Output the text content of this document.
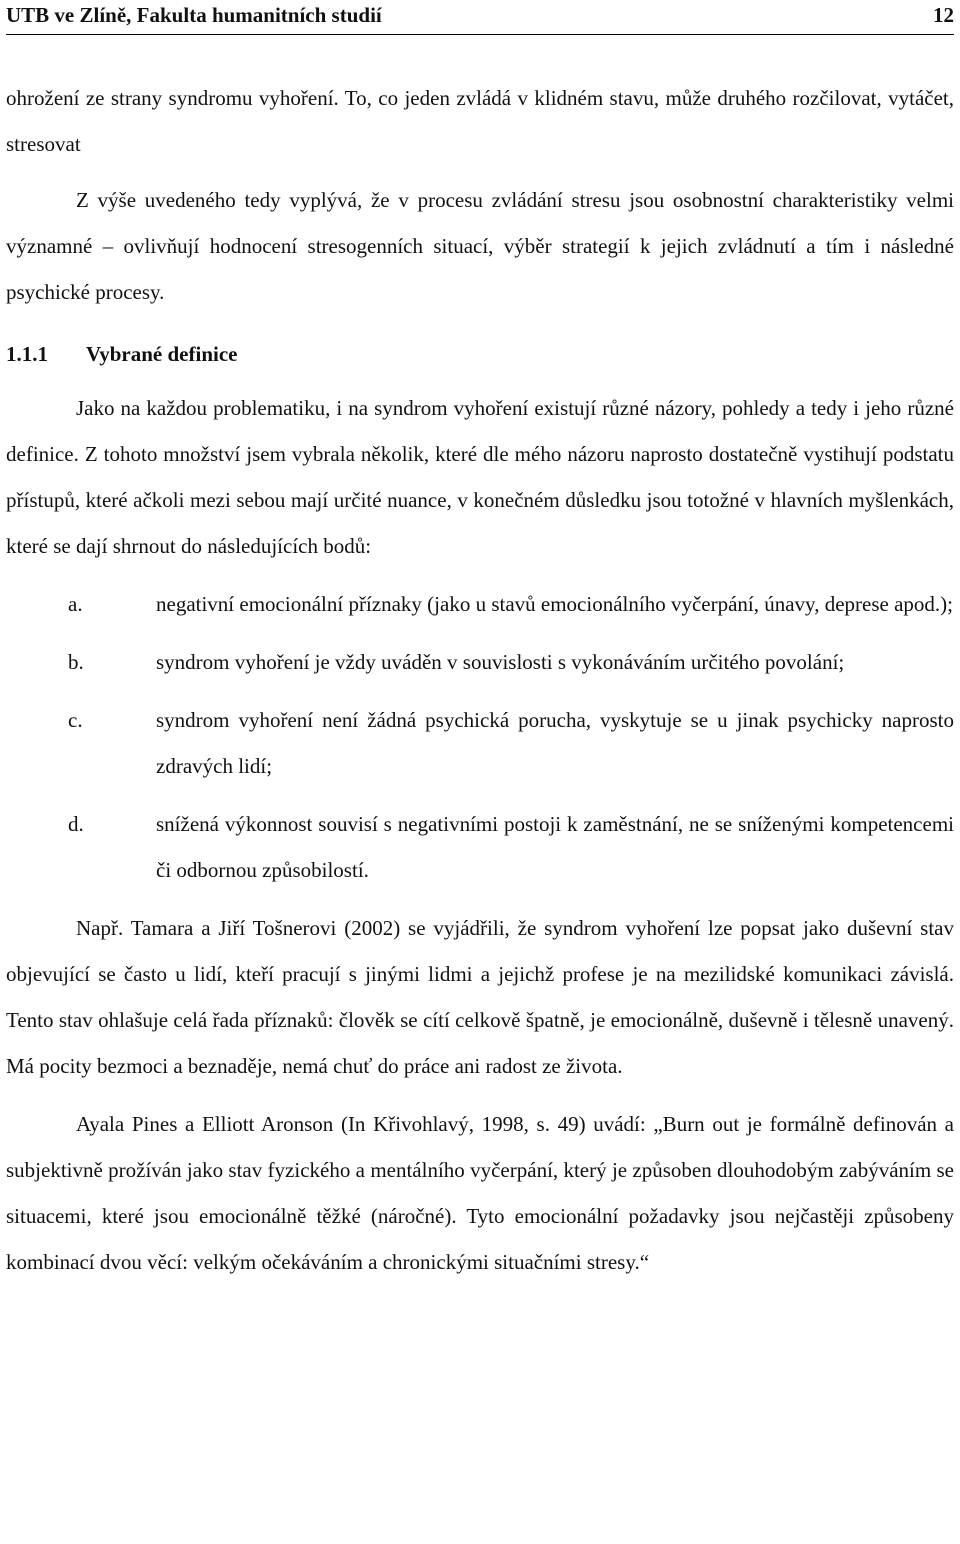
UTB ve Zlíně, Fakulta humanitních studií	12

ohrožení ze strany syndromu vyhoření. To, co jeden zvládá v klidném stavu, může druhého rozčilovat, vytáčet, stresovat

Z výše uvedeného tedy vyplývá, že v procesu zvládání stresu jsou osobnostní charakteristiky velmi významné – ovlivňují hodnocení stresogenních situací, výběr strategií k jejich zvládnutí a tím i následné psychické procesy.

1.1.1 Vybrané definice

Jako na každou problematiku, i na syndrom vyhoření existují různé názory, pohledy a tedy i jeho různé definice. Z tohoto množství jsem vybrala několik, které dle mého názoru naprosto dostatečně vystihují podstatu přístupů, které ačkoli mezi sebou mají určité nuance, v konečném důsledku jsou totožné v hlavních myšlenkách, které se dají shrnout do následujících bodů:

a.	negativní emocionální příznaky (jako u stavů emocionálního vyčerpání, únavy, deprese apod.);
b.	syndrom vyhoření je vždy uváděn v souvislosti s vykonáváním určitého povolání;
c.	syndrom vyhoření není žádná psychická porucha, vyskytuje se u jinak psychicky naprosto zdravých lidí;
d.	snížená výkonnost souvisí s negativními postoji k zaměstnání, ne se sníženými kompetencemi či odbornou způsobilostí.

Např. Tamara a Jiří Tošnerovi (2002) se vyjádřili, že syndrom vyhoření lze popsat jako duševní stav objevující se často u lidí, kteří pracují s jinými lidmi a jejichž profese je na mezilidské komunikaci závislá. Tento stav ohlašuje celá řada příznaků: člověk se cítí celkově špatně, je emocionálně, duševně i tělesně unavený. Má pocity bezmoci a beznaděje, nemá chuť do práce ani radost ze života.

Ayala Pines a Elliott Aronson (In Křivohlavý, 1998, s. 49) uvádí: „Burn out je formálně definován a subjektivně prožíván jako stav fyzického a mentálního vyčerpání, který je způsoben dlouhodobým zabýváním se situacemi, které jsou emocionálně těžké (náročné). Tyto emocionální požadavky jsou nejčastěji způsobeny kombinací dvou věcí: velkým očekáváním a chronickými situačními stresy.“
